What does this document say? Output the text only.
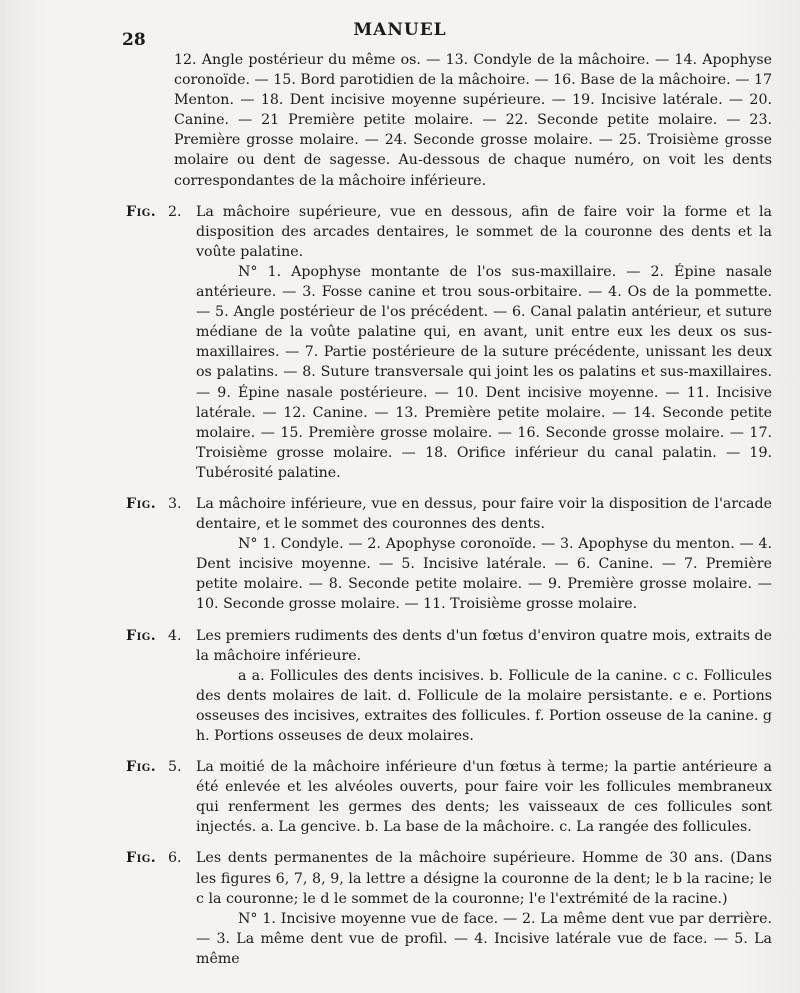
28	MANUEL

12. Angle postérieur du même os. — 13. Condyle de la mâchoire. — 14. Apophyse coronoïde. — 15. Bord parotidien de la mâchoire. — 16. Base de la mâchoire. — 17 Menton. — 18. Dent incisive moyenne supérieure. — 19. Incisive latérale. — 20. Canine. — 21 Première petite molaire. — 22. Seconde petite molaire. — 23. Première grosse molaire. — 24. Seconde grosse molaire. — 25. Troisième grosse molaire ou dent de sagesse. Au-dessous de chaque numéro, on voit les dents correspondantes de la mâchoire inférieure.

Fig. 2. La mâchoire supérieure, vue en dessous, afin de faire voir la forme et la disposition des arcades dentaires, le sommet de la couronne des dents et la voûte palatine.

N° 1. Apophyse montante de l'os sus-maxillaire. — 2. Épine nasale antérieure. — 3. Fosse canine et trou sous-orbitaire. — 4. Os de la pommette. — 5. Angle postérieur de l'os précédent. — 6. Canal palatin antérieur, et suture médiane de la voûte palatine qui, en avant, unit entre eux les deux os sus-maxillaires. — 7. Partie postérieure de la suture précédente, unissant les deux os palatins. — 8. Suture transversale qui joint les os palatins et sus-maxillaires. — 9. Épine nasale postérieure. — 10. Dent incisive moyenne. — 11. Incisive latérale. — 12. Canine. — 13. Première petite molaire. — 14. Seconde petite molaire. — 15. Première grosse molaire. — 16. Seconde grosse molaire. — 17. Troisième grosse molaire. — 18. Orifice inférieur du canal palatin. — 19. Tubérosité palatine.

Fig. 3. La mâchoire inférieure, vue en dessus, pour faire voir la disposition de l'arcade dentaire, et le sommet des couronnes des dents.

N° 1. Condyle. — 2. Apophyse coronoïde. — 3. Apophyse du menton. — 4. Dent incisive moyenne. — 5. Incisive latérale. — 6. Canine. — 7. Première petite molaire. — 8. Seconde petite molaire. — 9. Première grosse molaire. — 10. Seconde grosse molaire. — 11. Troisième grosse molaire.

Fig. 4. Les premiers rudiments des dents d'un fœtus d'environ quatre mois, extraits de la mâchoire inférieure.

a a. Follicules des dents incisives. b. Follicule de la canine. c c. Follicules des dents molaires de lait. d. Follicule de la molaire persistante. e e. Portions osseuses des incisives, extraites des follicules. f. Portion osseuse de la canine. g h. Portions osseuses de deux molaires.

Fig. 5. La moitié de la mâchoire inférieure d'un fœtus à terme; la partie antérieure a été enlevée et les alvéoles ouverts, pour faire voir les follicules membraneux qui renferment les germes des dents; les vaisseaux de ces follicules sont injectés. a. La gencive. b. La base de la mâchoire. c. La rangée des follicules.

Fig. 6. Les dents permanentes de la mâchoire supérieure. Homme de 30 ans. (Dans les figures 6, 7, 8, 9, la lettre a désigne la couronne de la dent; le b la racine; le c la couronne; le d le sommet de la couronne; l'e l'extrémité de la racine.)

N° 1. Incisive moyenne vue de face. — 2. La même dent vue par derrière. — 3. La même dent vue de profil. — 4. Incisive latérale vue de face. — 5. La même
